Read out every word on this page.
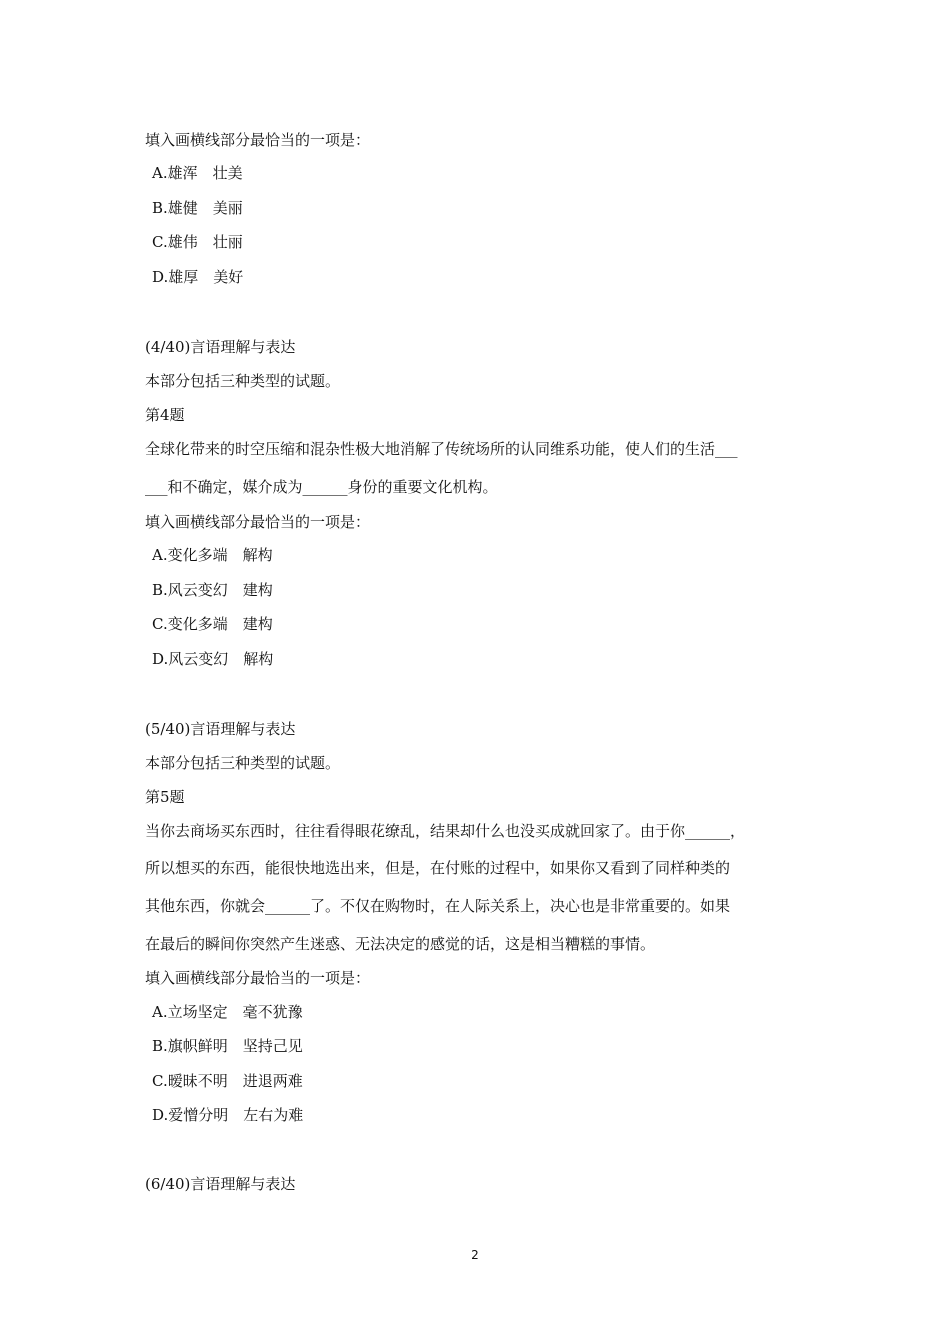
填入画横线部分最恰当的一项是：
A.雄浑　壮美
B.雄健　美丽
C.雄伟　壮丽
D.雄厚　美好
(4/40)言语理解与表达
本部分包括三种类型的试题。
第4题
全球化带来的时空压缩和混杂性极大地消解了传统场所的认同维系功能，使人们的生活___
___和不确定，媒介成为______身份的重要文化机构。
填入画横线部分最恰当的一项是：
A.变化多端　解构
B.风云变幻　建构
C.变化多端　建构
D.风云变幻　解构
(5/40)言语理解与表达
本部分包括三种类型的试题。
第5题
当你去商场买东西时，往往看得眼花缭乱，结果却什么也没买成就回家了。由于你______，
所以想买的东西，能很快地选出来，但是，在付账的过程中，如果你又看到了同样种类的
其他东西，你就会______了。不仅在购物时，在人际关系上，决心也是非常重要的。如果
在最后的瞬间你突然产生迷惑、无法决定的感觉的话，这是相当糟糕的事情。
填入画横线部分最恰当的一项是：
A.立场坚定　毫不犹豫
B.旗帜鲜明　坚持己见
C.暧昧不明　进退两难
D.爱憎分明　左右为难
(6/40)言语理解与表达
2
